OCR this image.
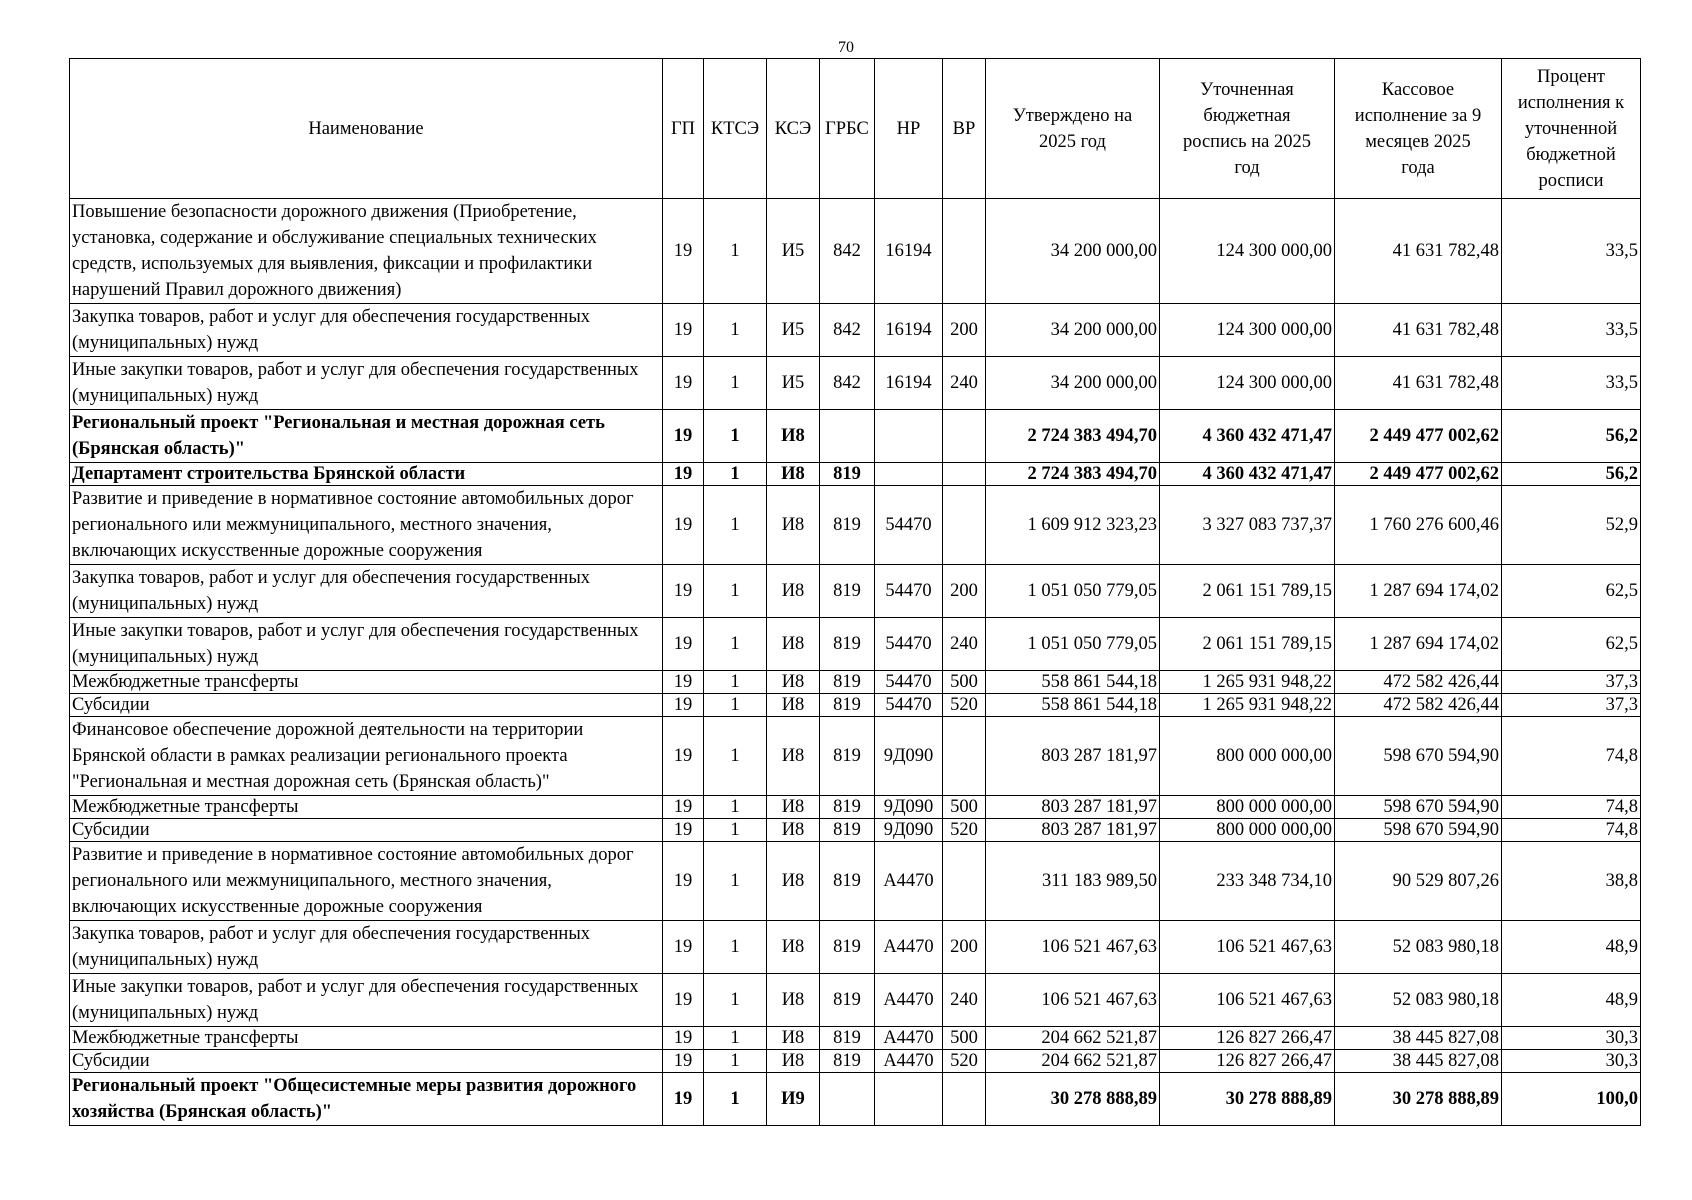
70
Наименование	ГП	КТСЭ	КСЭ	ГРБС	НР	ВР	Утверждено на 2025 год	Уточненная бюджетная роспись на 2025 год	Кассовое исполнение за 9 месяцев 2025 года	Процент исполнения к уточненной бюджетной росписи
Повышение безопасности дорожного движения (Приобретение, установка, содержание и обслуживание специальных технических средств, используемых для выявления, фиксации и профилактики нарушений Правил дорожного движения)	19	1	И5	842	16194		34 200 000,00	124 300 000,00	41 631 782,48	33,5
Закупка товаров, работ и услуг для обеспечения государственных (муниципальных) нужд	19	1	И5	842	16194	200	34 200 000,00	124 300 000,00	41 631 782,48	33,5
Иные закупки товаров, работ и услуг для обеспечения государственных (муниципальных) нужд	19	1	И5	842	16194	240	34 200 000,00	124 300 000,00	41 631 782,48	33,5
Региональный проект "Региональная и местная дорожная сеть (Брянская область)"	19	1	И8				2 724 383 494,70	4 360 432 471,47	2 449 477 002,62	56,2
Департамент строительства Брянской области	19	1	И8	819			2 724 383 494,70	4 360 432 471,47	2 449 477 002,62	56,2
Развитие и приведение в нормативное состояние автомобильных дорог регионального или межмуниципального, местного значения, включающих искусственные дорожные сооружения	19	1	И8	819	54470		1 609 912 323,23	3 327 083 737,37	1 760 276 600,46	52,9
Закупка товаров, работ и услуг для обеспечения государственных (муниципальных) нужд	19	1	И8	819	54470	200	1 051 050 779,05	2 061 151 789,15	1 287 694 174,02	62,5
Иные закупки товаров, работ и услуг для обеспечения государственных (муниципальных) нужд	19	1	И8	819	54470	240	1 051 050 779,05	2 061 151 789,15	1 287 694 174,02	62,5
Межбюджетные трансферты	19	1	И8	819	54470	500	558 861 544,18	1 265 931 948,22	472 582 426,44	37,3
Субсидии	19	1	И8	819	54470	520	558 861 544,18	1 265 931 948,22	472 582 426,44	37,3
Финансовое обеспечение дорожной деятельности на территории Брянской области в рамках реализации регионального проекта "Региональная и местная дорожная сеть (Брянская область)"	19	1	И8	819	9Д090		803 287 181,97	800 000 000,00	598 670 594,90	74,8
Межбюджетные трансферты	19	1	И8	819	9Д090	500	803 287 181,97	800 000 000,00	598 670 594,90	74,8
Субсидии	19	1	И8	819	9Д090	520	803 287 181,97	800 000 000,00	598 670 594,90	74,8
Развитие и приведение в нормативное состояние автомобильных дорог регионального или межмуниципального, местного значения, включающих искусственные дорожные сооружения	19	1	И8	819	А4470		311 183 989,50	233 348 734,10	90 529 807,26	38,8
Закупка товаров, работ и услуг для обеспечения государственных (муниципальных) нужд	19	1	И8	819	А4470	200	106 521 467,63	106 521 467,63	52 083 980,18	48,9
Иные закупки товаров, работ и услуг для обеспечения государственных (муниципальных) нужд	19	1	И8	819	А4470	240	106 521 467,63	106 521 467,63	52 083 980,18	48,9
Межбюджетные трансферты	19	1	И8	819	А4470	500	204 662 521,87	126 827 266,47	38 445 827,08	30,3
Субсидии	19	1	И8	819	А4470	520	204 662 521,87	126 827 266,47	38 445 827,08	30,3
Региональный проект "Общесистемные меры развития дорожного хозяйства (Брянская область)"	19	1	И9				30 278 888,89	30 278 888,89	30 278 888,89	100,0
